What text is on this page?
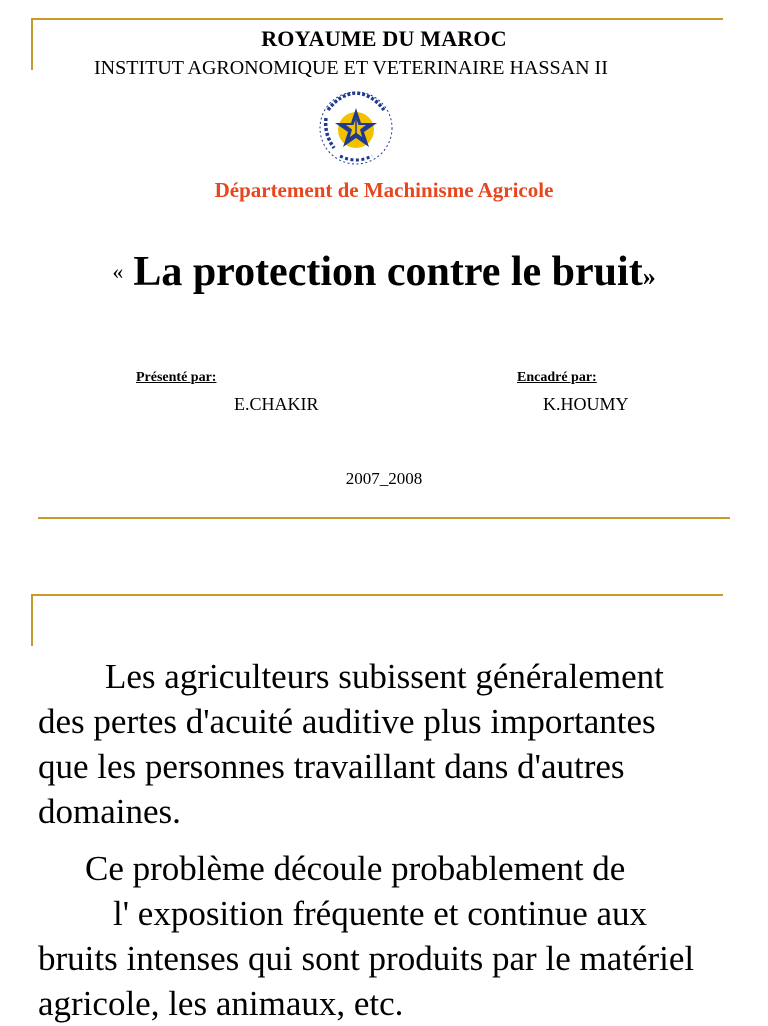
ROYAUME DU MAROC
INSTITUT AGRONOMIQUE ET VETERINAIRE HASSAN II
Département de Machinisme Agricole
« La protection contre le bruit»
Présenté par:
E.CHAKIR
Encadré par:
K.HOUMY
2007_2008

Les agriculteurs subissent généralement
des pertes d'acuité auditive plus importantes
que les personnes travaillant dans d'autres
domaines.

Ce problème découle probablement de
l' exposition fréquente et continue aux
bruits intenses qui sont produits par le matériel
agricole, les animaux, etc.
